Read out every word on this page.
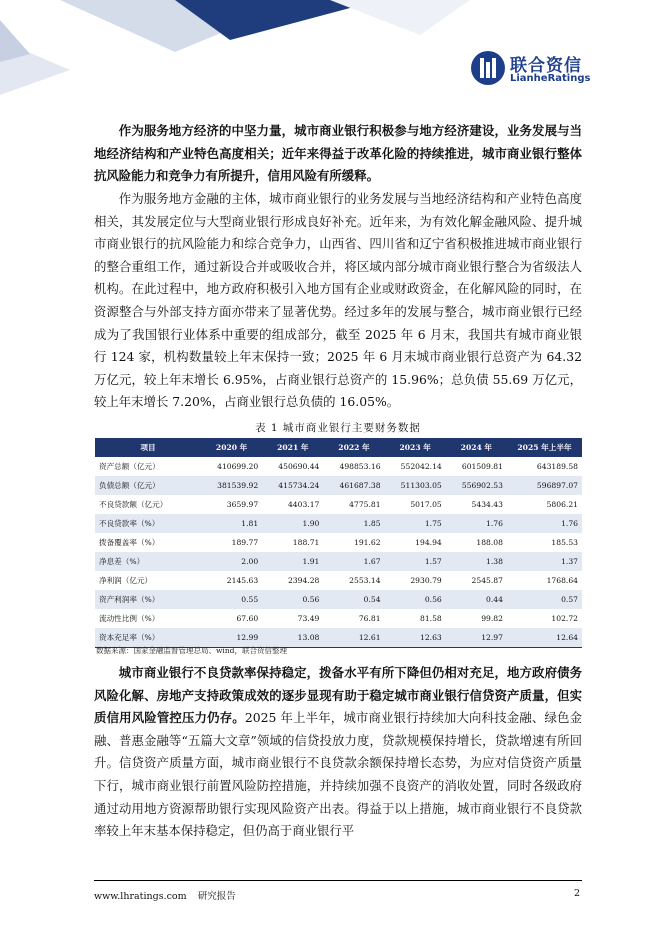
联合资信
LianheRatings

作为服务地方经济的中坚力量，城市商业银行积极参与地方经济建设，业务发展与当地经济结构和产业特色高度相关；近年来得益于改革化险的持续推进，城市商业银行整体抗风险能力和竞争力有所提升，信用风险有所缓释。

作为服务地方金融的主体，城市商业银行的业务发展与当地经济结构和产业特色高度相关，其发展定位与大型商业银行形成良好补充。近年来，为有效化解金融风险、提升城市商业银行的抗风险能力和综合竞争力，山西省、四川省和辽宁省积极推进城市商业银行的整合重组工作，通过新设合并或吸收合并，将区域内部分城市商业银行整合为省级法人机构。在此过程中，地方政府积极引入地方国有企业或财政资金，在化解风险的同时，在资源整合与外部支持方面亦带来了显著优势。经过多年的发展与整合，城市商业银行已经成为了我国银行业体系中重要的组成部分，截至 2025 年 6 月末，我国共有城市商业银行 124 家，机构数量较上年末保持一致；2025 年 6 月末城市商业银行总资产为 64.32 万亿元，较上年末增长 6.95%，占商业银行总资产的 15.96%；总负债 55.69 万亿元，较上年末增长 7.20%，占商业银行总负债的 16.05%。

表 1 城市商业银行主要财务数据
项目	2020 年	2021 年	2022 年	2023 年	2024 年	2025 年上半年
资产总额（亿元）	410699.20	450690.44	498853.16	552042.14	601509.81	643189.58
负债总额（亿元）	381539.92	415734.24	461687.38	511303.05	556902.53	596897.07
不良贷款额（亿元）	3659.97	4403.17	4775.81	5017.05	5434.43	5806.21
不良贷款率（%）	1.81	1.90	1.85	1.75	1.76	1.76
拨备覆盖率（%）	189.77	188.71	191.62	194.94	188.08	185.53
净息差（%）	2.00	1.91	1.67	1.57	1.38	1.37
净利润（亿元）	2145.63	2394.28	2553.14	2930.79	2545.87	1768.64
资产利润率（%）	0.55	0.56	0.54	0.56	0.44	0.57
流动性比例（%）	67.60	73.49	76.81	81.58	99.82	102.72
资本充足率（%）	12.99	13.08	12.61	12.63	12.97	12.64
数据来源：国家金融监督管理总局、wind，联合资信整理

城市商业银行不良贷款率保持稳定，拨备水平有所下降但仍相对充足，地方政府债务风险化解、房地产支持政策成效的逐步显现有助于稳定城市商业银行信贷资产质量，但实质信用风险管控压力仍存。2025 年上半年，城市商业银行持续加大向科技金融、绿色金融、普惠金融等“五篇大文章”领域的信贷投放力度，贷款规模保持增长，贷款增速有所回升。信贷资产质量方面，城市商业银行不良贷款余额保持增长态势，为应对信贷资产质量下行，城市商业银行前置风险防控措施，并持续加强不良资产的消收处置，同时各级政府通过动用地方资源帮助银行实现风险资产出表。得益于以上措施，城市商业银行不良贷款率较上年末基本保持稳定，但仍高于商业银行平

www.lhratings.com 研究报告	2
